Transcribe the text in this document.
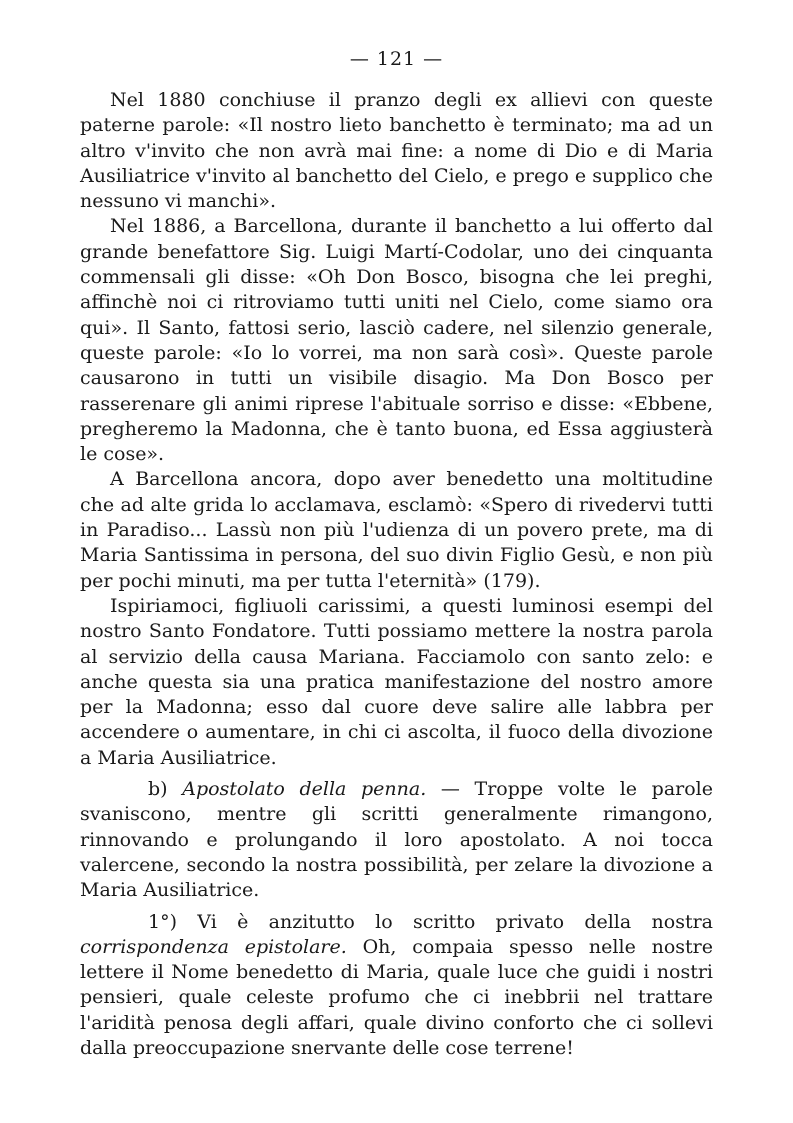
— 121 —

Nel 1880 conchiuse il pranzo degli ex allievi con queste paterne parole: «Il nostro lieto banchetto è terminato; ma ad un altro v'invito che non avrà mai fine: a nome di Dio e di Maria Ausiliatrice v'invito al banchetto del Cielo, e prego e supplico che nessuno vi manchi».

Nel 1886, a Barcellona, durante il banchetto a lui offerto dal grande benefattore Sig. Luigi Martí-Codolar, uno dei cinquanta commensali gli disse: «Oh Don Bosco, bisogna che lei preghi, affinchè noi ci ritroviamo tutti uniti nel Cielo, come siamo ora qui». Il Santo, fattosi serio, lasciò cadere, nel silenzio generale, queste parole: «Io lo vorrei, ma non sarà così». Queste parole causarono in tutti un visibile disagio. Ma Don Bosco per rasserenare gli animi riprese l'abituale sorriso e disse: «Ebbene, pregheremo la Madonna, che è tanto buona, ed Essa aggiusterà le cose».

A Barcellona ancora, dopo aver benedetto una moltitudine che ad alte grida lo acclamava, esclamò: «Spero di rivedervi tutti in Paradiso... Lassù non più l'udienza di un povero prete, ma di Maria Santissima in persona, del suo divin Figlio Gesù, e non più per pochi minuti, ma per tutta l'eternità» (179).

Ispiriamoci, figliuoli carissimi, a questi luminosi esempi del nostro Santo Fondatore. Tutti possiamo mettere la nostra parola al servizio della causa Mariana. Facciamolo con santo zelo: e anche questa sia una pratica manifestazione del nostro amore per la Madonna; esso dal cuore deve salire alle labbra per accendere o aumentare, in chi ci ascolta, il fuoco della divozione a Maria Ausiliatrice.

b) Apostolato della penna. — Troppe volte le parole svaniscono, mentre gli scritti generalmente rimangono, rinnovando e prolungando il loro apostolato. A noi tocca valercene, secondo la nostra possibilità, per zelare la divozione a Maria Ausiliatrice.

1°) Vi è anzitutto lo scritto privato della nostra corrispondenza epistolare. Oh, compaia spesso nelle nostre lettere il Nome benedetto di Maria, quale luce che guidi i nostri pensieri, quale celeste profumo che ci inebbrii nel trattare l'aridità penosa degli affari, quale divino conforto che ci sollevi dalla preoccupazione snervante delle cose terrene!
